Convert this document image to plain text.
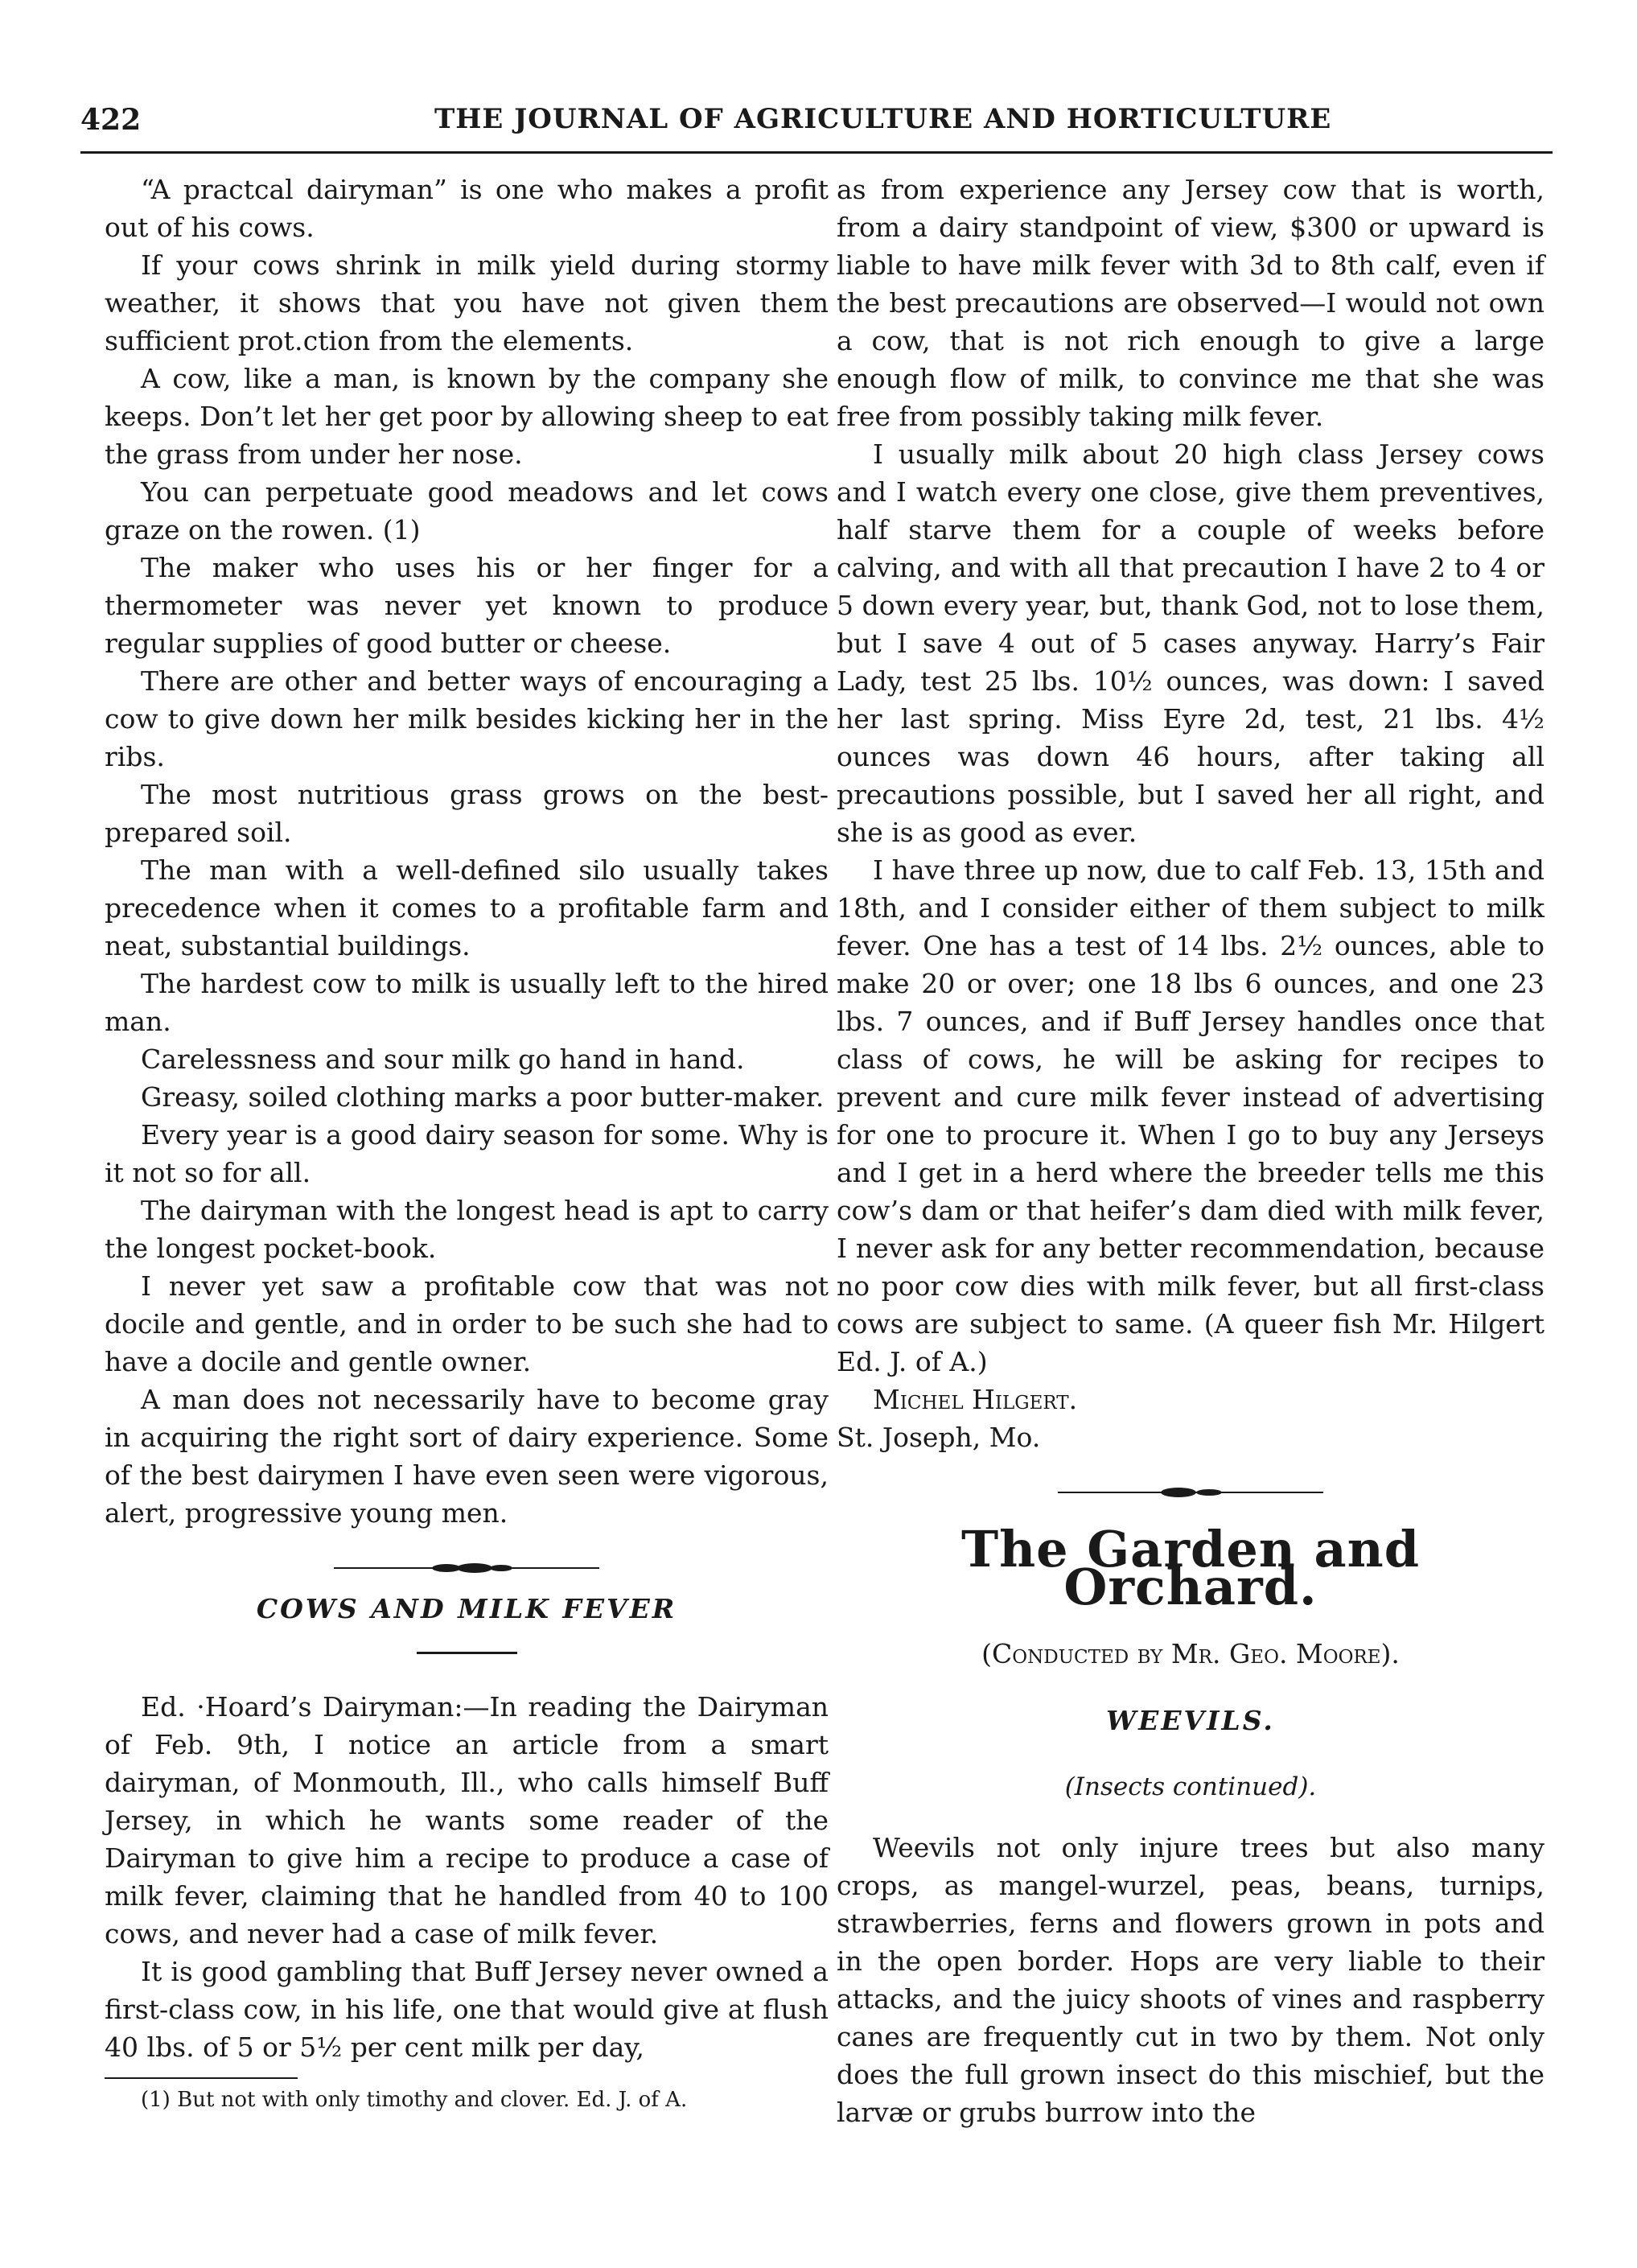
422	THE JOURNAL OF AGRICULTURE AND HORTICULTURE

“A practcal dairyman” is one who makes a profit out of his cows.

If your cows shrink in milk yield during stormy weather, it shows that you have not given them sufficient prot․ction from the elements.

A cow, like a man, is known by the company she keeps. Don’t let her get poor by allowing sheep to eat the grass from under her nose.

You can perpetuate good meadows and let cows graze on the rowen. (1)

The maker who uses his or her finger for a thermometer was never yet known to produce regular supplies of good butter or cheese.

There are other and better ways of encouraging a cow to give down her milk besides kicking her in the ribs.

The most nutritious grass grows on the best-prepared soil.

The man with a well-defined silo usually takes precedence when it comes to a profitable farm and neat, substantial buildings.

The hardest cow to milk is usually left to the hired man.

Carelessness and sour milk go hand in hand.

Greasy, soiled clothing marks a poor butter-maker.

Every year is a good dairy season for some. Why is it not so for all.

The dairyman with the longest head is apt to carry the longest pocket-book.

I never yet saw a profitable cow that was not docile and gentle, and in order to be such she had to have a docile and gentle owner.

A man does not necessarily have to become gray in acquiring the right sort of dairy experience. Some of the best dairymen I have even seen were vigorous, alert, progressive young men.

COWS AND MILK FEVER

Ed. ·Hoard’s Dairyman:—In reading the Dairyman of Feb. 9th, I notice an article from a smart dairyman, of Monmouth, Ill., who calls himself Buff Jersey, in which he wants some reader of the Dairyman to give him a recipe to produce a case of milk fever, claiming that he handled from 40 to 100 cows, and never had a case of milk fever.

It is good gambling that Buff Jersey never owned a first-class cow, in his life, one that would give at flush 40 lbs. of 5 or 5½ per cent milk per day,

(1) But not with only timothy and clover. Ed. J. of A.

as from experience any Jersey cow that is worth, from a dairy standpoint of view, $300 or upward is liable to have milk fever with 3d to 8th calf, even if the best precautions are observed—I would not own a cow, that is not rich enough to give a large enough flow of milk, to convince me that she was free from possibly taking milk fever.

I usually milk about 20 high class Jersey cows and I watch every one close, give them preventives, half starve them for a couple of weeks before calving, and with all that precaution I have 2 to 4 or 5 down every year, but, thank God, not to lose them, but I save 4 out of 5 cases anyway. Harry’s Fair Lady, test 25 lbs. 10½ ounces, was down: I saved her last spring. Miss Eyre 2d, test, 21 lbs. 4½ ounces was down 46 hours, after taking all precautions possible, but I saved her all right, and she is as good as ever.

I have three up now, due to calf Feb. 13, 15th and 18th, and I consider either of them subject to milk fever. One has a test of 14 lbs. 2½ ounces, able to make 20 or over; one 18 lbs 6 ounces, and one 23 lbs. 7 ounces, and if Buff Jersey handles once that class of cows, he will be asking for recipes to prevent and cure milk fever instead of advertising for one to procure it. When I go to buy any Jerseys and I get in a herd where the breeder tells me this cow’s dam or that heifer’s dam died with milk fever, I never ask for any better recommendation, because no poor cow dies with milk fever, but all first-class cows are subject to same. (A queer fish Mr. Hilgert Ed. J. of A.)

Michel Hilgert.

St. Joseph, Mo.

The Garden and Orchard.
(Conducted by Mr. Geo. Moore).
WEEVILS.
(Insects continued).

Weevils not only injure trees but also many crops, as mangel-wurzel, peas, beans, turnips, strawberries, ferns and flowers grown in pots and in the open border. Hops are very liable to their attacks, and the juicy shoots of vines and raspberry canes are frequently cut in two by them. Not only does the full grown insect do this mischief, but the larvæ or grubs burrow into the
